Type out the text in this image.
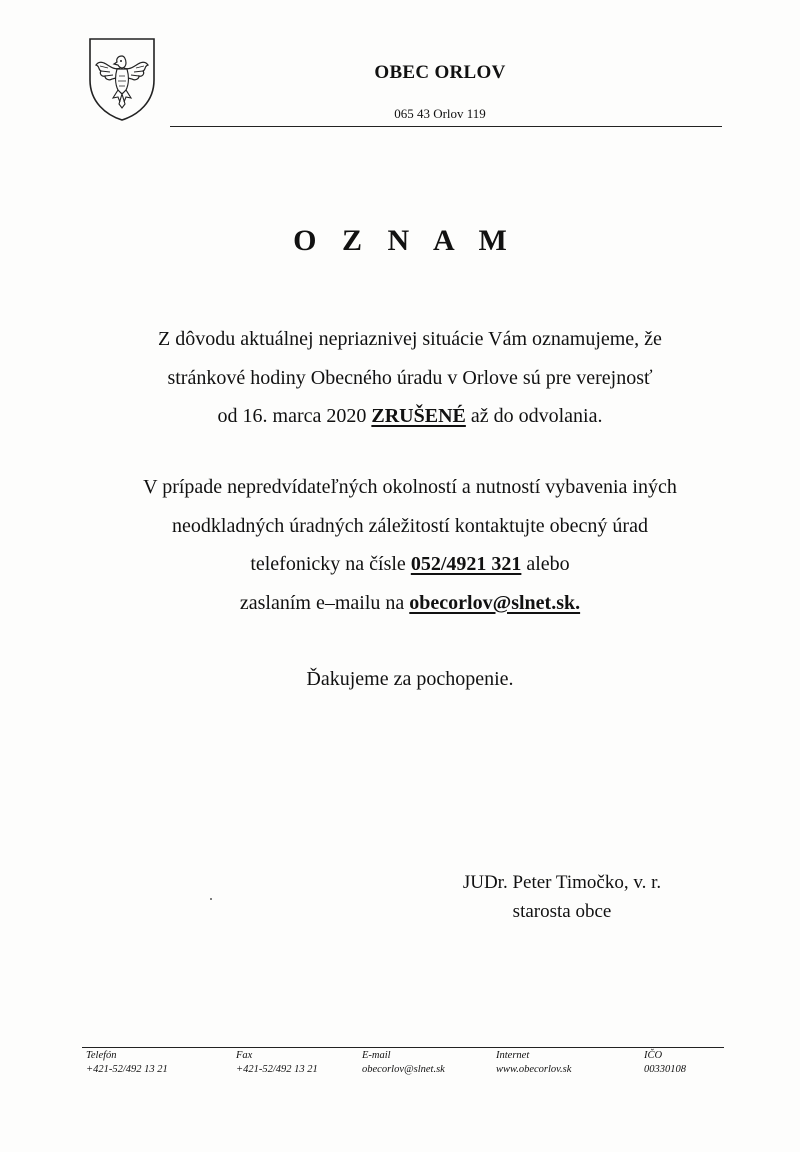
OBEC ORLOV
065 43 Orlov 119
O Z N A M
Z dôvodu aktuálnej nepriaznivej situácie Vám oznamujeme, že
stránkové hodiny Obecného úradu v Orlove sú pre verejnosť
od 16. marca 2020 ZRUŠENÉ až do odvolania.
V prípade nepredvídateľných okolností a nutností vybavenia iných
neodkladných úradných záležitostí kontaktujte obecný úrad
telefonicky na čísle 052/4921 321 alebo
zaslaním e–mailu na obecorlov@slnet.sk.
Ďakujeme za pochopenie.
JUDr. Peter Timočko, v. r.
starosta obce
Telefón
+421-52/492 13 21
Fax
+421-52/492 13 21
E-mail
obecorlov@slnet.sk
Internet
www.obecorlov.sk
IČO
00330108
